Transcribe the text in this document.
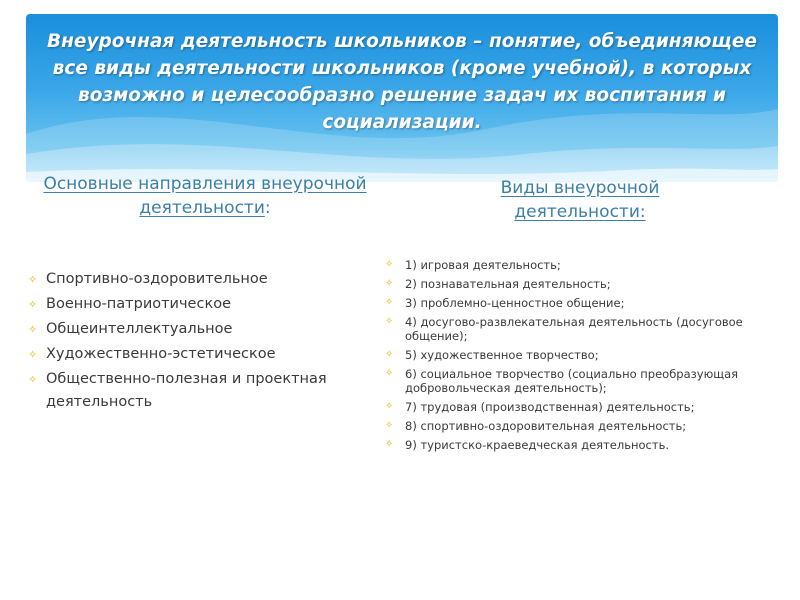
Внеурочная деятельность школьников – понятие, объединяющее все виды деятельности школьников (кроме учебной), в которых возможно и целесообразно решение задач их воспитания и социализации.
Основные направления внеурочной деятельности:
Виды внеурочной деятельности:
✧ Спортивно-оздоровительное
✧ Военно-патриотическое
✧ Общеинтеллектуальное
✧ Художественно-эстетическое
✧ Общественно-полезная и проектная деятельность
✧ 1) игровая деятельность;
✧ 2) познавательная деятельность;
✧ 3) проблемно-ценностное общение;
✧ 4) досугово-развлекательная деятельность (досуговое общение);
✧ 5) художественное творчество;
✧ 6) социальное творчество (социально преобразующая добровольческая деятельность);
✧ 7) трудовая (производственная) деятельность;
✧ 8) спортивно-оздоровительная деятельность;
✧ 9) туристско-краеведческая деятельность.
